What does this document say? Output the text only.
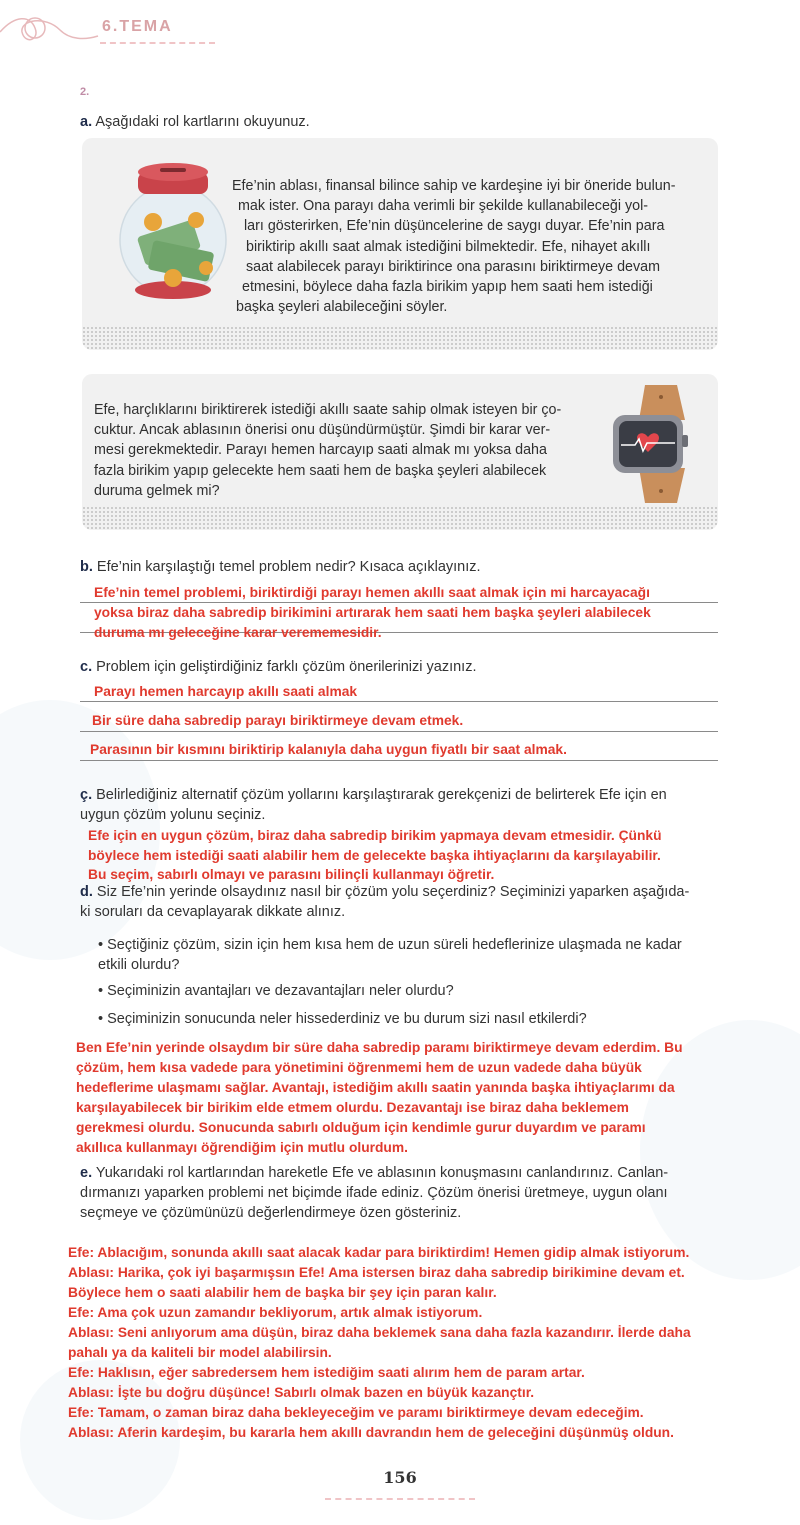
6.TEMA
2.
a. Aşağıdaki rol kartlarını okuyunuz.
Efe’nin ablası, finansal bilince sahip ve kardeşine iyi bir öneride bulun-
mak ister. Ona parayı daha verimli bir şekilde kullanabileceği yol-
ları gösterirken, Efe’nin düşüncelerine de saygı duyar. Efe’nin para
biriktirip akıllı saat almak istediğini bilmektedir. Efe, nihayet akıllı
saat alabilecek parayı biriktirince ona parasını biriktirmeye devam
etmesini, böylece daha fazla birikim yapıp hem saati hem istediği
başka şeyleri alabileceğini söyler.
Efe, harçlıklarını biriktirerek istediği akıllı saate sahip olmak isteyen bir ço-
cuktur. Ancak ablasının önerisi onu düşündürmüştür. Şimdi bir karar ver-
mesi gerekmektedir. Parayı hemen harcayıp saati almak mı yoksa daha
fazla birikim yapıp gelecekte hem saati hem de başka şeyleri alabilecek
duruma gelmek mi?
b. Efe’nin karşılaştığı temel problem nedir? Kısaca açıklayınız.
Efe’nin temel problemi, biriktirdiği parayı hemen akıllı saat almak için mi harcayacağı
yoksa biraz daha sabredip birikimini artırarak hem saati hem başka şeyleri alabilecek
duruma mı geleceğine karar verememesidir.
c. Problem için geliştirdiğiniz farklı çözüm önerilerinizi yazınız.
Parayı hemen harcayıp akıllı saati almak
Bir süre daha sabredip parayı biriktirmeye devam etmek.
Parasının bir kısmını biriktirip kalanıyla daha uygun fiyatlı bir saat almak.
ç. Belirlediğiniz alternatif çözüm yollarını karşılaştırarak gerekçenizi de belirterek Efe için en
uygun çözüm yolunu seçiniz.
Efe için en uygun çözüm, biraz daha sabredip birikim yapmaya devam etmesidir. Çünkü
böylece hem istediği saati alabilir hem de gelecekte başka ihtiyaçlarını da karşılayabilir.
Bu seçim, sabırlı olmayı ve parasını bilinçli kullanmayı öğretir.
d. Siz Efe’nin yerinde olsaydınız nasıl bir çözüm yolu seçerdiniz? Seçiminizi yaparken aşağıda-
ki soruları da cevaplayarak dikkate alınız.
• Seçtiğiniz çözüm, sizin için hem kısa hem de uzun süreli hedeflerinize ulaşmada ne kadar
etkili olurdu?
• Seçiminizin avantajları ve dezavantajları neler olurdu?
• Seçiminizin sonucunda neler hissederdiniz ve bu durum sizi nasıl etkilerdi?
Ben Efe’nin yerinde olsaydım bir süre daha sabredip paramı biriktirmeye devam ederdim. Bu
çözüm, hem kısa vadede para yönetimini öğrenmemi hem de uzun vadede daha büyük
hedeflerime ulaşmamı sağlar. Avantajı, istediğim akıllı saatin yanında başka ihtiyaçlarımı da
karşılayabilecek bir birikim elde etmem olurdu. Dezavantajı ise biraz daha beklemem
gerekmesi olurdu. Sonucunda sabırlı olduğum için kendimle gurur duyardım ve paramı
akıllıca kullanmayı öğrendiğim için mutlu olurdum.
e. Yukarıdaki rol kartlarından hareketle Efe ve ablasının konuşmasını canlandırınız. Canlan-
dırmanızı yaparken problemi net biçimde ifade ediniz. Çözüm önerisi üretmeye, uygun olanı
seçmeye ve çözümünüzü değerlendirmeye özen gösteriniz.
Efe: Ablacığım, sonunda akıllı saat alacak kadar para biriktirdim! Hemen gidip almak istiyorum.
Ablası: Harika, çok iyi başarmışsın Efe! Ama istersen biraz daha sabredip birikimine devam et.
Böylece hem o saati alabilir hem de başka bir şey için paran kalır.
Efe: Ama çok uzun zamandır bekliyorum, artık almak istiyorum.
Ablası: Seni anlıyorum ama düşün, biraz daha beklemek sana daha fazla kazandırır. İlerde daha
pahalı ya da kaliteli bir model alabilirsin.
Efe: Haklısın, eğer sabredersem hem istediğim saati alırım hem de param artar.
Ablası: İşte bu doğru düşünce! Sabırlı olmak bazen en büyük kazançtır.
Efe: Tamam, o zaman biraz daha bekleyeceğim ve paramı biriktirmeye devam edeceğim.
Ablası: Aferin kardeşim, bu kararla hem akıllı davrandın hem de geleceğini düşünmüş oldun.
156
